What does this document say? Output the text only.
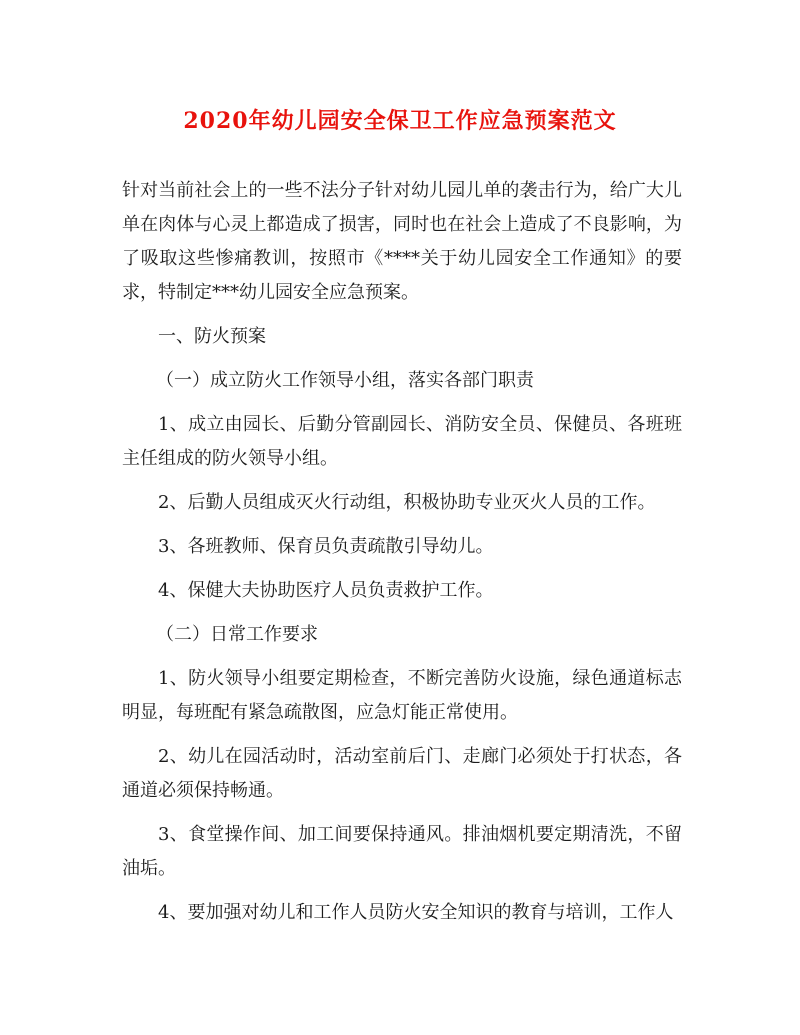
2020年幼儿园安全保卫工作应急预案范文

针对当前社会上的一些不法分子针对幼儿园儿单的袭击行为，给广大儿单在肉体与心灵上都造成了损害，同时也在社会上造成了不良影响，为了吸取这些惨痛教训，按照市《****关于幼儿园安全工作通知》的要求，特制定***幼儿园安全应急预案。

一、防火预案

（一）成立防火工作领导小组，落实各部门职责

1、成立由园长、后勤分管副园长、消防安全员、保健员、各班班主任组成的防火领导小组。

2、后勤人员组成灭火行动组，积极协助专业灭火人员的工作。

3、各班教师、保育员负责疏散引导幼儿。

4、保健大夫协助医疗人员负责救护工作。

（二）日常工作要求

1、防火领导小组要定期检查，不断完善防火设施，绿色通道标志明显，每班配有紧急疏散图，应急灯能正常使用。

2、幼儿在园活动时，活动室前后门、走廊门必须处于打状态，各通道必须保持畅通。

3、食堂操作间、加工间要保持通风。排油烟机要定期清洗，不留油垢。

4、要加强对幼儿和工作人员防火安全知识的教育与培训，工作人
